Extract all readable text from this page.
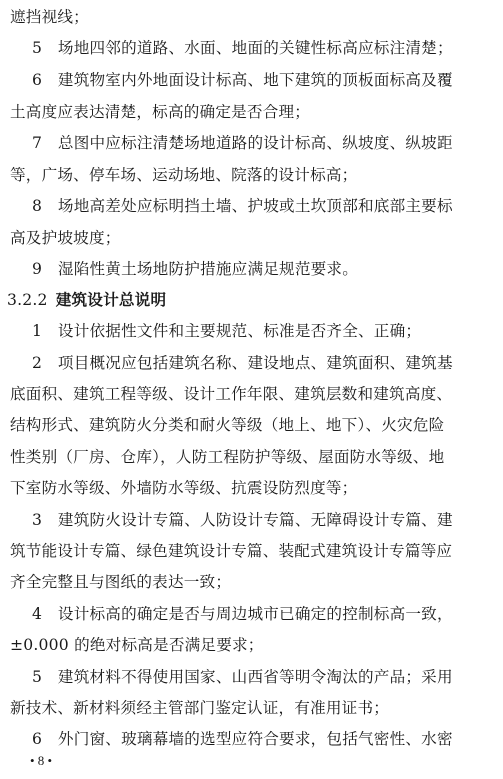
遮挡视线；
5　场地四邻的道路、水面、地面的关键性标高应标注清楚；
6　建筑物室内外地面设计标高、地下建筑的顶板面标高及覆
土高度应表达清楚，标高的确定是否合理；
7　总图中应标注清楚场地道路的设计标高、纵坡度、纵坡距
等，广场、停车场、运动场地、院落的设计标高；
8　场地高差处应标明挡土墙、护坡或土坎顶部和底部主要标
高及护坡坡度；
9　湿陷性黄土场地防护措施应满足规范要求。
3.2.2  建筑设计总说明
1　设计依据性文件和主要规范、标准是否齐全、正确；
2　项目概况应包括建筑名称、建设地点、建筑面积、建筑基
底面积、建筑工程等级、设计工作年限、建筑层数和建筑高度、
结构形式、建筑防火分类和耐火等级（地上、地下）、火灾危险
性类别（厂房、仓库），人防工程防护等级、屋面防水等级、地
下室防水等级、外墙防水等级、抗震设防烈度等；
3　建筑防火设计专篇、人防设计专篇、无障碍设计专篇、建
筑节能设计专篇、绿色建筑设计专篇、装配式建筑设计专篇等应
齐全完整且与图纸的表达一致；
4　设计标高的确定是否与周边城市已确定的控制标高一致，
±0.000 的绝对标高是否满足要求；
5　建筑材料不得使用国家、山西省等明令淘汰的产品；采用
新技术、新材料须经主管部门鉴定认证，有准用证书；
6　外门窗、玻璃幕墙的选型应符合要求，包括气密性、水密
• 8 •
